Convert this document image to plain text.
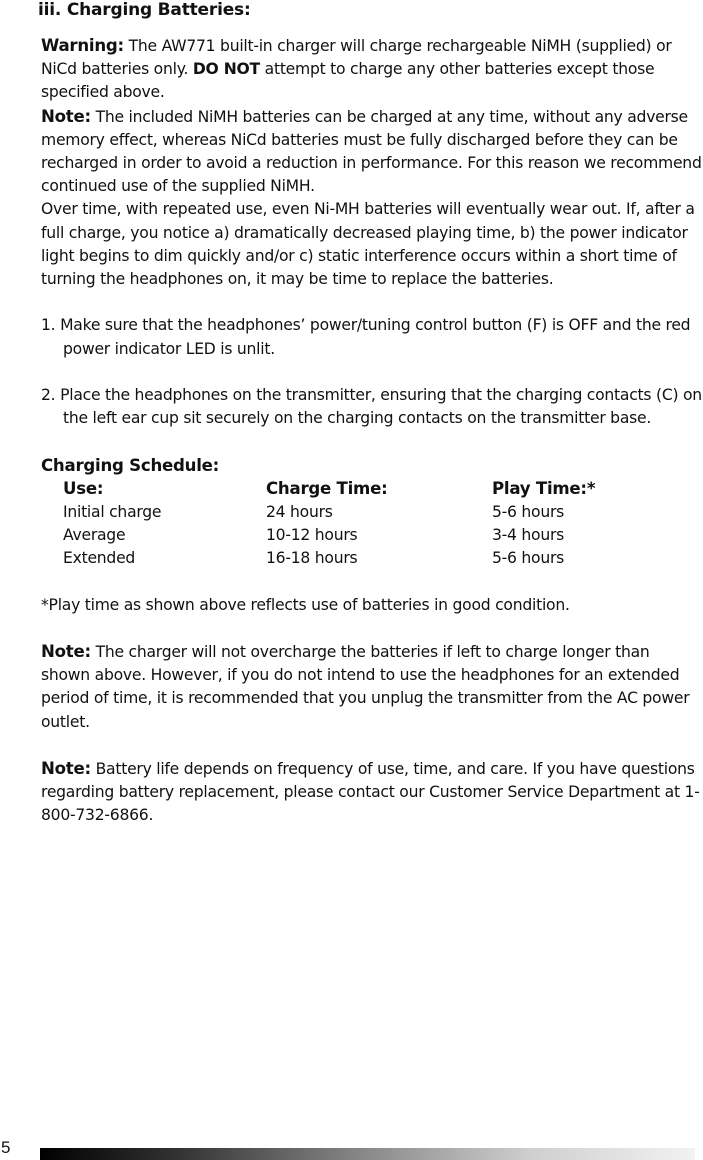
iii. Charging Batteries:

Warning: The AW771 built-in charger will charge rechargeable NiMH (supplied) or NiCd batteries only. DO NOT attempt to charge any other batteries except those specified above.

Note: The included NiMH batteries can be charged at any time, without any adverse memory effect, whereas NiCd batteries must be fully discharged before they can be recharged in order to avoid a reduction in performance. For this reason we recommend continued use of the supplied NiMH.

Over time, with repeated use, even Ni-MH batteries will eventually wear out. If, after a full charge, you notice a) dramatically decreased playing time, b) the power indicator light begins to dim quickly and/or c) static interference occurs within a short time of turning the headphones on, it may be time to replace the batteries.

1. Make sure that the headphones’ power/tuning control button (F) is OFF and the red power indicator LED is unlit.

2. Place the headphones on the transmitter, ensuring that the charging contacts (C) on the left ear cup sit securely on the charging contacts on the transmitter base.

Charging Schedule:

Use:	Charge Time:	Play Time:*
Initial charge	24 hours	5-6 hours
Average	10-12 hours	3-4 hours
Extended	16-18 hours	5-6 hours

*Play time as shown above reflects use of batteries in good condition.

Note: The charger will not overcharge the batteries if left to charge longer than shown above. However, if you do not intend to use the headphones for an extended period of time, it is recommended that you unplug the transmitter from the AC power outlet.

Note: Battery life depends on frequency of use, time, and care. If you have questions regarding battery replacement, please contact our Customer Service Department at 1-800-732-6866.

5
